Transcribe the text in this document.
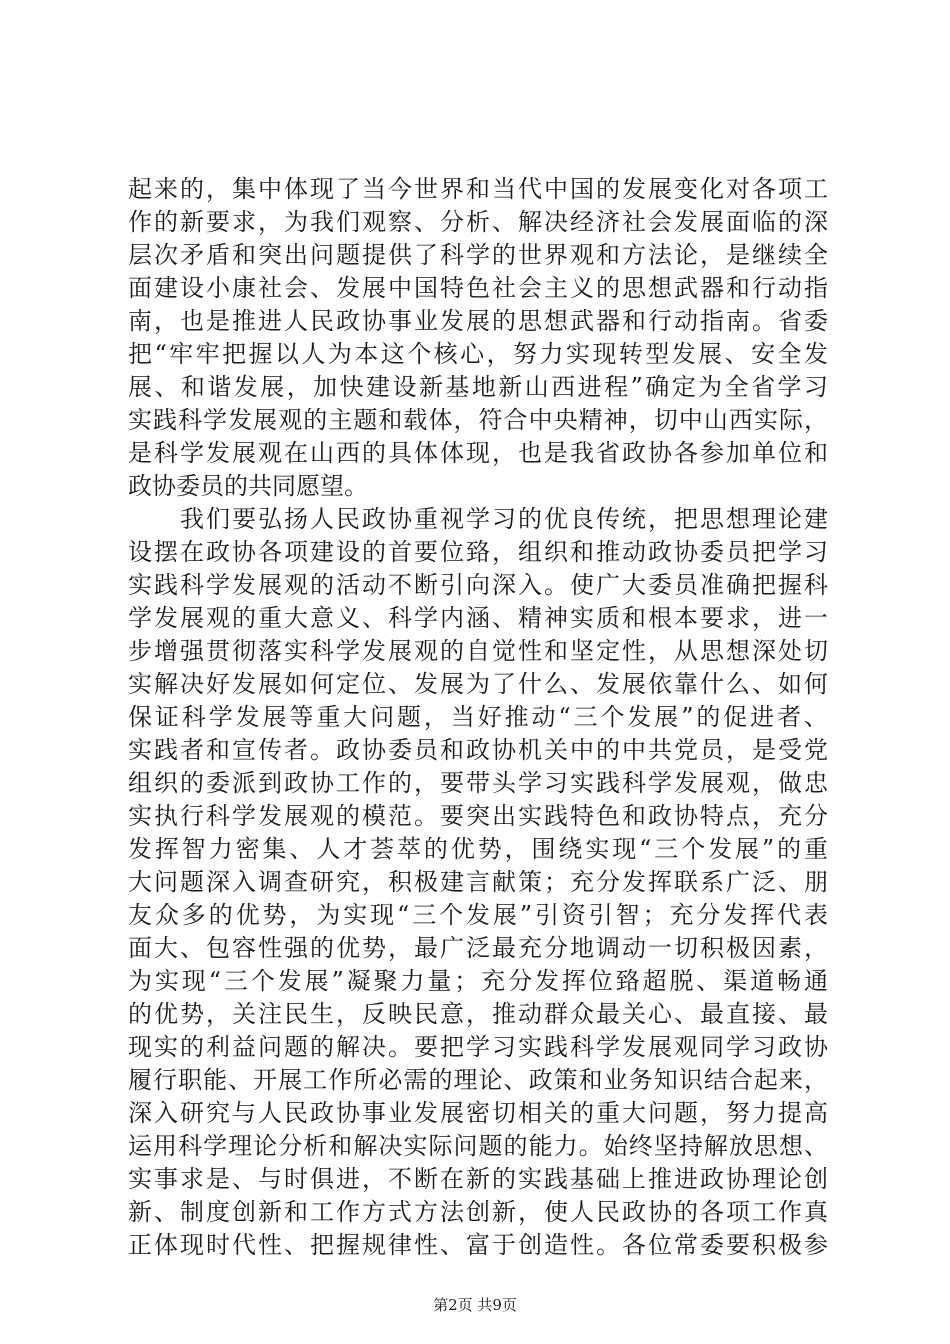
起来的，集中体现了当今世界和当代中国的发展变化对各项工
作的新要求，为我们观察、分析、解决经济社会发展面临的深
层次矛盾和突出问题提供了科学的世界观和方法论，是继续全
面建设小康社会、发展中国特色社会主义的思想武器和行动指
南，也是推进人民政协事业发展的思想武器和行动指南。省委
把“牢牢把握以人为本这个核心，努力实现转型发展、安全发
展、和谐发展，加快建设新基地新山西进程”确定为全省学习
实践科学发展观的主题和载体，符合中央精神，切中山西实际，
是科学发展观在山西的具体体现，也是我省政协各参加单位和
政协委员的共同愿望。
　　我们要弘扬人民政协重视学习的优良传统，把思想理论建
设摆在政协各项建设的首要位臵，组织和推动政协委员把学习
实践科学发展观的活动不断引向深入。使广大委员准确把握科
学发展观的重大意义、科学内涵、精神实质和根本要求，进一
步增强贯彻落实科学发展观的自觉性和坚定性，从思想深处切
实解决好发展如何定位、发展为了什么、发展依靠什么、如何
保证科学发展等重大问题，当好推动“三个发展”的促进者、
实践者和宣传者。政协委员和政协机关中的中共党员，是受党
组织的委派到政协工作的，要带头学习实践科学发展观，做忠
实执行科学发展观的模范。要突出实践特色和政协特点，充分
发挥智力密集、人才荟萃的优势，围绕实现“三个发展”的重
大问题深入调查研究，积极建言献策；充分发挥联系广泛、朋
友众多的优势，为实现“三个发展”引资引智；充分发挥代表
面大、包容性强的优势，最广泛最充分地调动一切积极因素，
为实现“三个发展”凝聚力量；充分发挥位臵超脱、渠道畅通
的优势，关注民生，反映民意，推动群众最关心、最直接、最
现实的利益问题的解决。要把学习实践科学发展观同学习政协
履行职能、开展工作所必需的理论、政策和业务知识结合起来，
深入研究与人民政协事业发展密切相关的重大问题，努力提高
运用科学理论分析和解决实际问题的能力。始终坚持解放思想、
实事求是、与时俱进，不断在新的实践基础上推进政协理论创
新、制度创新和工作方式方法创新，使人民政协的各项工作真
正体现时代性、把握规律性、富于创造性。各位常委要积极参
第2页 共9页
